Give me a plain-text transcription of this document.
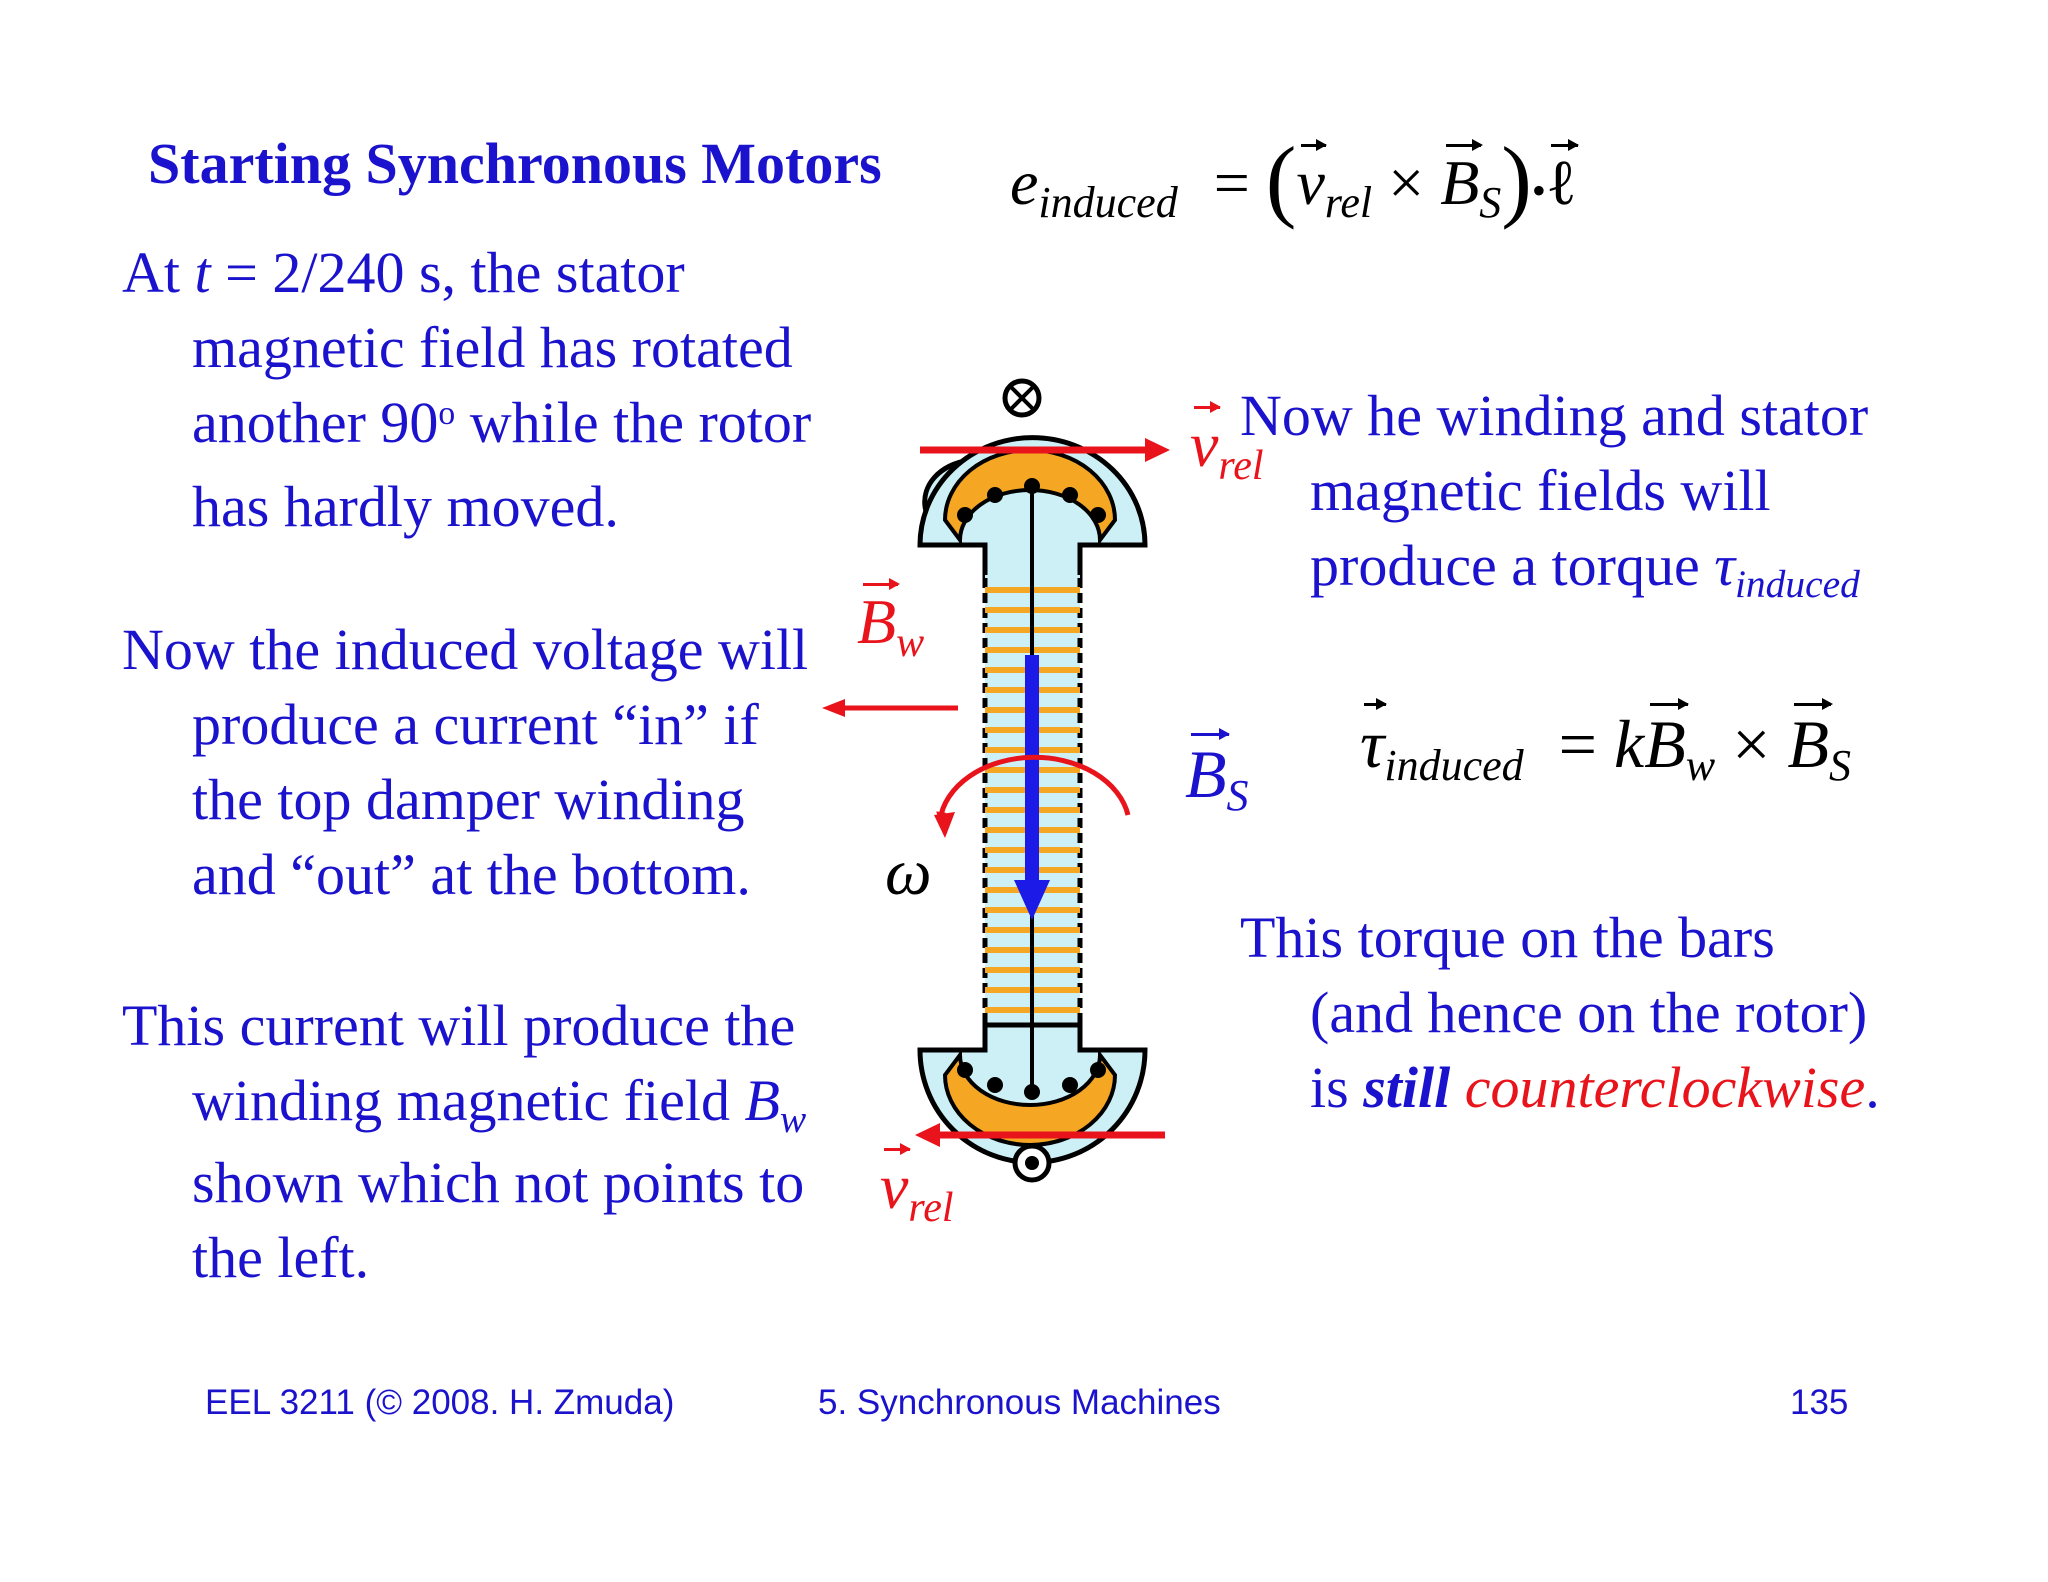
Starting Synchronous Motors $e_{induced} = (v_{rel}$ × $B_S)•\ell$
At t = 2/240 s, the stator
magnetic field has rotated
another 90$^o$ while the rotor
has hardly moved.
Now the induced voltage will
produce a current “in” if
the top damper winding
and “out” at the bottom.
This current will produce the
winding magnetic field $B_w$
shown which not points to
the left.
Now he winding and stator
magnetic fields will
produce a torque $\tau_{induced}$
τinduced = kBw × BS
This torque on the bars
(and hence on the rotor)
is still counterclockwise.
vrel
vrel
Bw
BS
ω
EEL 3211 (© 2008. H. Zmuda)	5. Synchronous Machines	135
